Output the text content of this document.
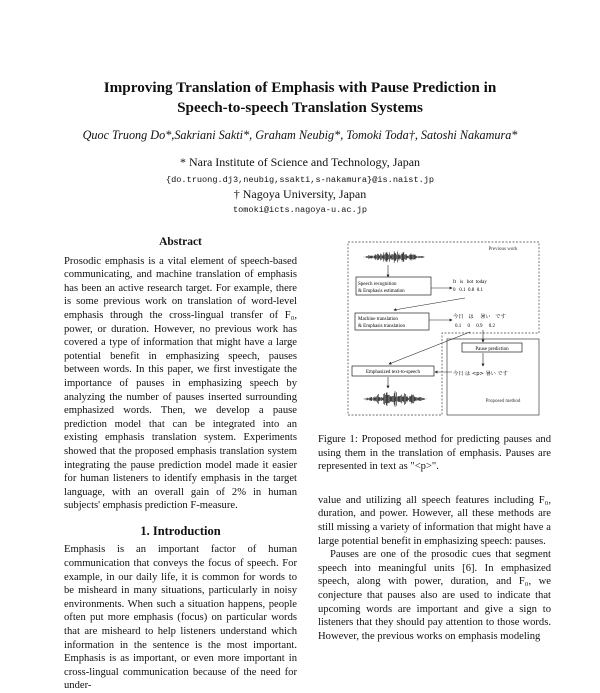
Improving Translation of Emphasis with Pause Prediction in
Speech-to-speech Translation Systems
Quoc Truong Do*,Sakriani Sakti*, Graham Neubig*, Tomoki Toda†, Satoshi Nakamura*
* Nara Institute of Science and Technology, Japan
{do.truong.dj3,neubig,ssakti,s-nakamura}@is.naist.jp
† Nagoya University, Japan
tomoki@icts.nagoya-u.ac.jp

Abstract

Prosodic emphasis is a vital element of speech-based communicating, and machine translation of emphasis has been an active research target. For example, there is some previous work on translation of word-level emphasis through the cross-lingual transfer of F₀, power, or duration. However, no previous work has covered a type of information that might have a large potential benefit in emphasizing speech, pauses between words. In this paper, we first investigate the importance of pauses in emphasizing speech by analyzing the number of pauses inserted surrounding emphasized words. Then, we develop a pause prediction model that can be integrated into an existing emphasis translation system. Experiments showed that the proposed emphasis translation system integrating the pause prediction model made it easier for human listeners to identify emphasis in the target language, with an overall gain of 2% in human subjects' emphasis prediction F-measure.

1. Introduction

Emphasis is an important factor of human communication that conveys the focus of speech. For example, in our daily life, it is common for words to be misheard in many situations, particularly in noisy environments. When such a situation happens, people often put more emphasis (focus) on particular words that are misheard to help listeners understand which information in the sentence is the most important. Emphasis is as important, or even more important in cross-lingual communication because of the need for under-

Previous work
Proposed method
Speech recognition
& Emphasis estimation
It   is   hot  today
0   0.1  0.8  0.1
Machine translation
& Emphasis translation
今日   は    暑い   です
0.1     0     0.9     0.2
Pause prediction
今日 は <p> 暑い です
Emphasized text-to-speech

Figure 1: Proposed method for predicting pauses and using them in the translation of emphasis. Pauses are represented in text as "<p>".

value and utilizing all speech features including F₀, duration, and power. However, all these methods are still missing a variety of information that might have a large potential benefit in emphasizing speech: pauses.

Pauses are one of the prosodic cues that segment speech into meaningful units [6]. In emphasized speech, along with power, duration, and F₀, we conjecture that pauses also are used to indicate that upcoming words are important and give a sign to listeners that they should pay attention to those words. However, the previous works on emphasis modeling
